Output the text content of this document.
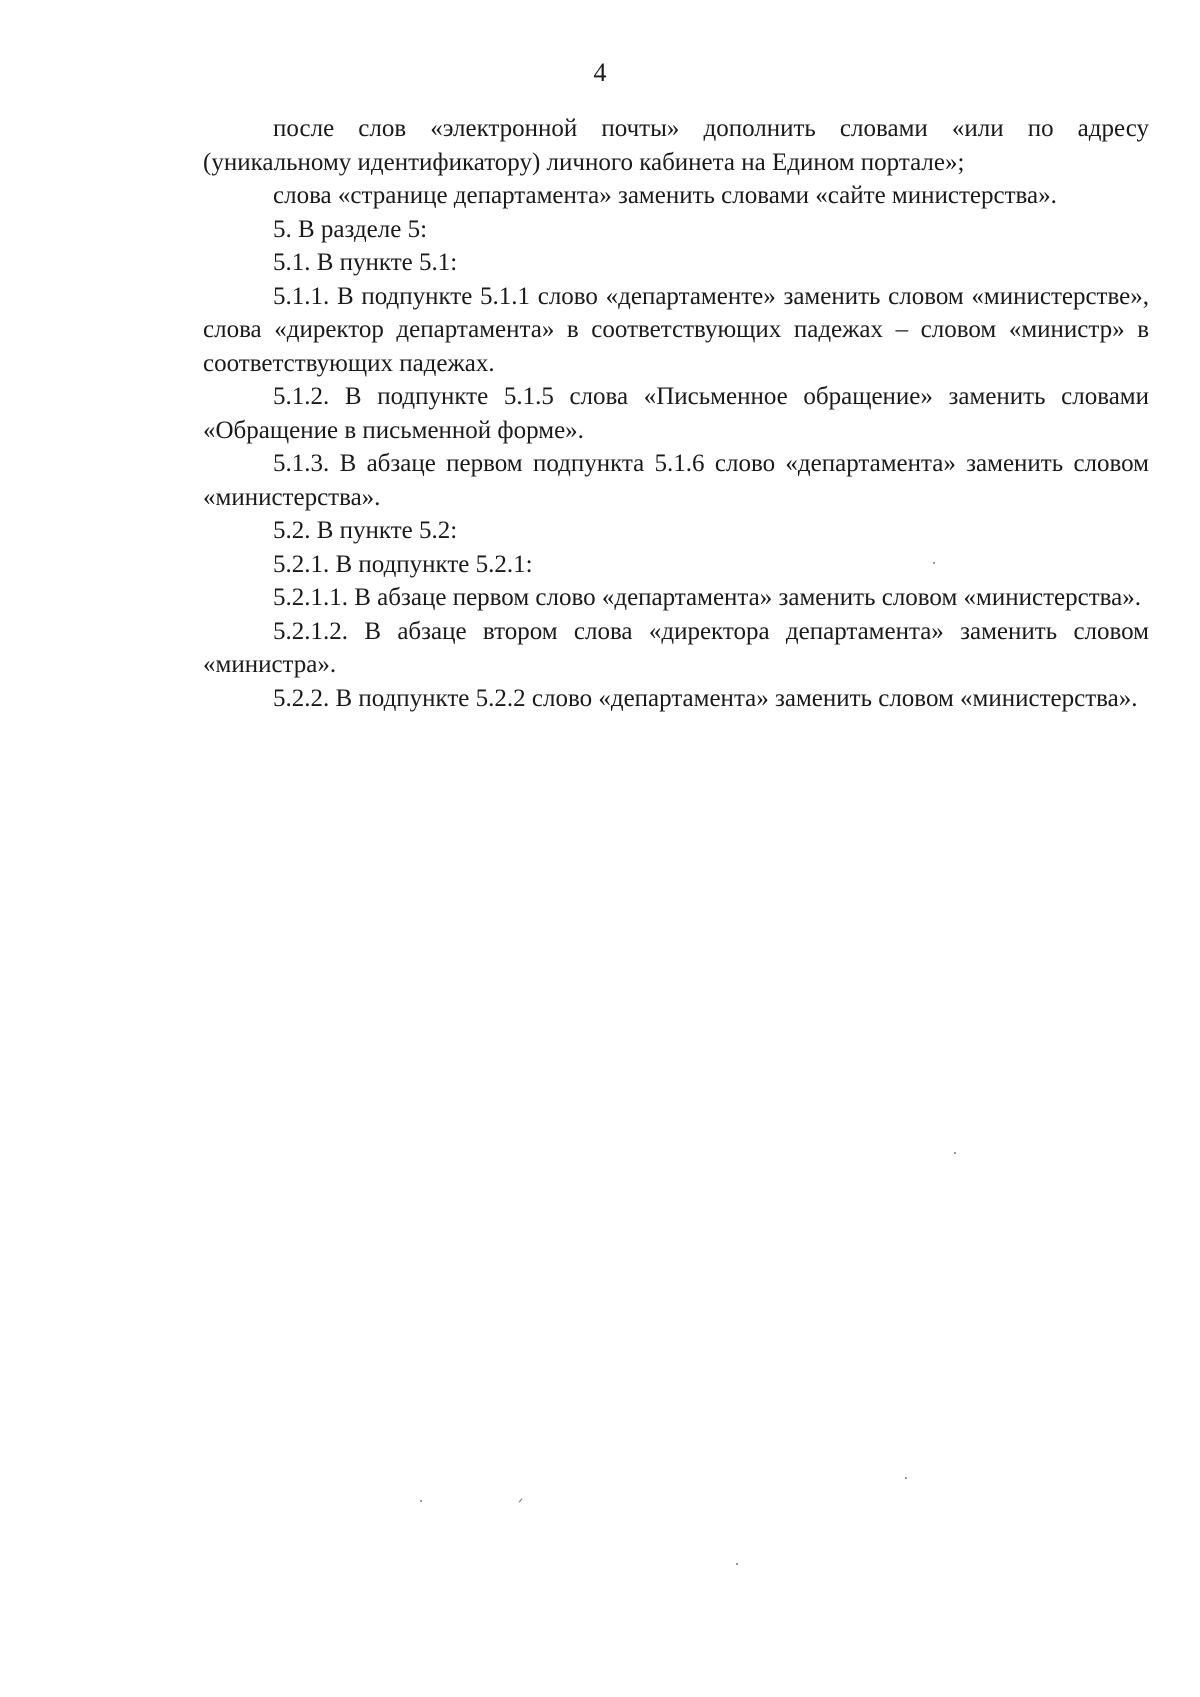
4

после слов «электронной почты» дополнить словами «или по адресу (уникальному идентификатору) личного кабинета на Едином портале»;

слова «странице департамента» заменить словами «сайте министерства».

5. В разделе 5:

5.1. В пункте 5.1:

5.1.1. В подпункте 5.1.1 слово «департаменте» заменить словом «министерстве», слова «директор департамента» в соответствующих падежах – словом «министр» в соответствующих падежах.

5.1.2. В подпункте 5.1.5 слова «Письменное обращение» заменить словами «Обращение в письменной форме».

5.1.3. В абзаце первом подпункта 5.1.6 слово «департамента» заменить словом «министерства».

5.2. В пункте 5.2:

5.2.1. В подпункте 5.2.1:

5.2.1.1. В абзаце первом слово «департамента» заменить словом «министерства».

5.2.1.2. В абзаце втором слова «директора департамента» заменить словом «министра».

5.2.2. В подпункте 5.2.2 слово «департамента» заменить словом «министерства».
